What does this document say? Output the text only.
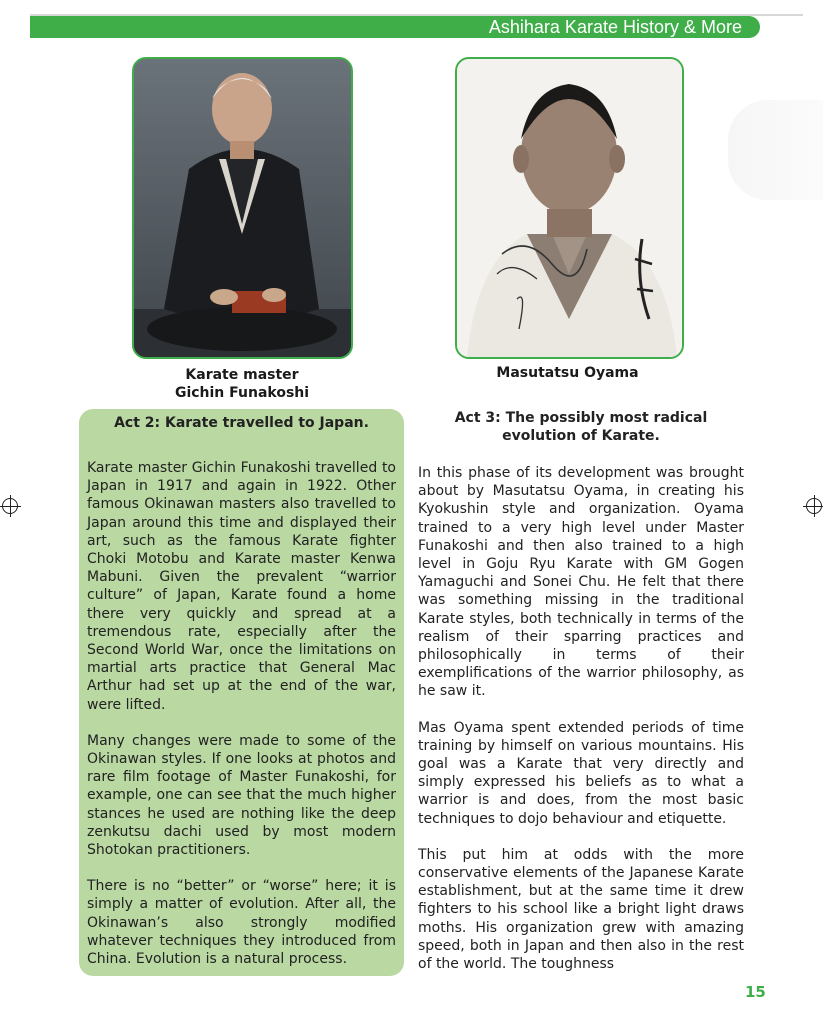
Ashihara Karate History & More
Karate master
Gichin Funakoshi
Masutatsu Oyama
Act 2: Karate travelled to Japan.

Karate master Gichin Funakoshi travelled to Japan in 1917 and again in 1922. Other famous Okinawan masters also travelled to Japan around this time and displayed their art, such as the famous Karate fighter Choki Motobu and Karate master Kenwa Mabuni. Given the prevalent “warrior culture” of Japan, Karate found a home there very quickly and spread at a tremendous rate, especially after the Second World War, once the limitations on martial arts practice that General Mac Arthur had set up at the end of the war, were lifted.

Many changes were made to some of the Okinawan styles. If one looks at photos and rare film footage of Master Funakoshi, for example, one can see that the much higher stances he used are nothing like the deep zenkutsu dachi used by most modern Shotokan practitioners.

There is no “better” or “worse” here; it is simply a matter of evolution. After all, the Okinawan’s also strongly modified whatever techniques they introduced from China. Evolution is a natural process.

Act 3: The possibly most radical evolution of Karate.

In this phase of its development was brought about by Masutatsu Oyama, in creating his Kyokushin style and organization. Oyama trained to a very high level under Master Funakoshi and then also trained to a high level in Goju Ryu Karate with GM Gogen Yamaguchi and Sonei Chu. He felt that there was something missing in the traditional Karate styles, both technically in terms of the realism of their sparring practices and philosophically in terms of their exemplifications of the warrior philosophy, as he saw it.

Mas Oyama spent extended periods of time training by himself on various mountains. His goal was a Karate that very directly and simply expressed his beliefs as to what a warrior is and does, from the most basic techniques to dojo behaviour and etiquette.

This put him at odds with the more conservative elements of the Japanese Karate establishment, but at the same time it drew fighters to his school like a bright light draws moths. His organization grew with amazing speed, both in Japan and then also in the rest of the world. The toughness

15
